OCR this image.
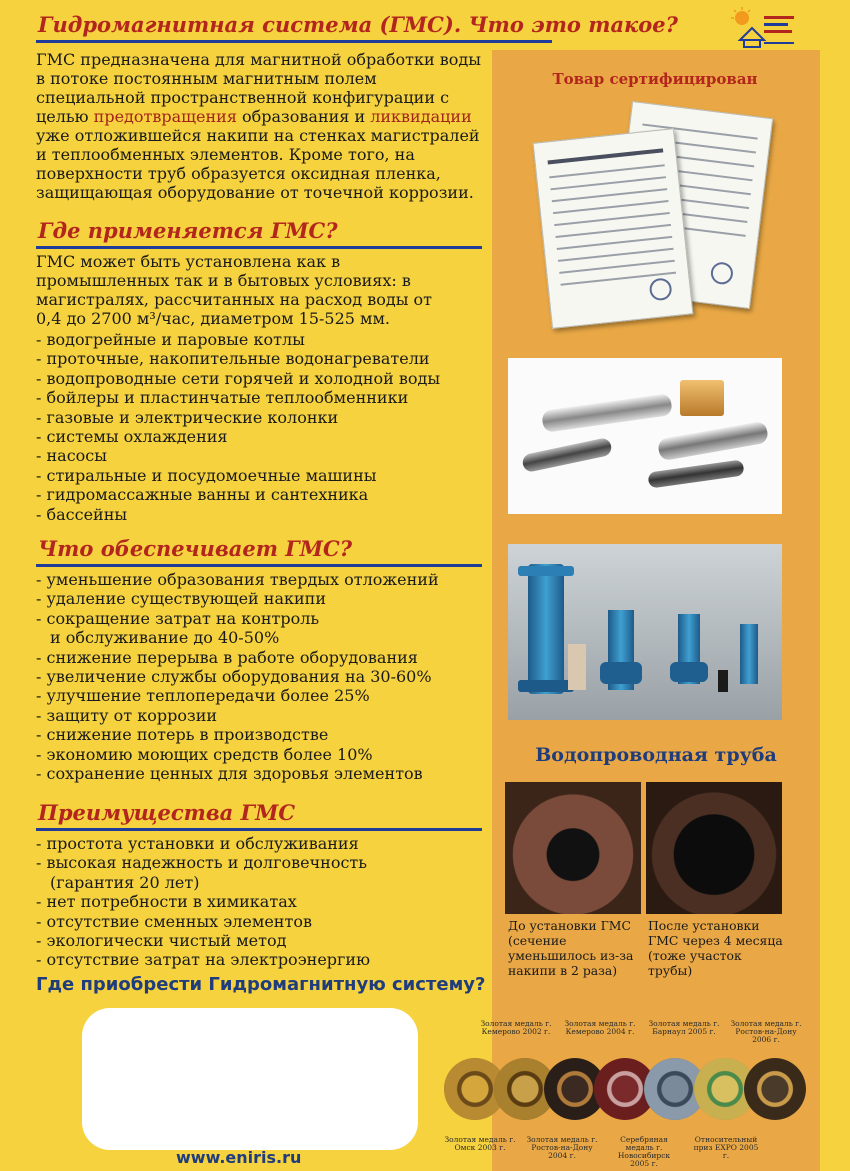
Гидромагнитная система (ГМС). Что это такое?

ГМС предназначена для магнитной обработки воды в потоке постоянным магнитным полем специальной пространственной конфигурации с целью предотвращения образования и ликвидации уже отложившейся накипи на стенках магистралей и теплообменных элементов. Кроме того, на поверхности труб образуется оксидная пленка, защищающая оборудование от точечной коррозии.

Где применяется ГМС?

ГМС может быть установлена как в промышленных так и в бытовых условиях: в магистралях, рассчитанных на расход воды от 0,4 до 2700 м³/час, диаметром 15-525 мм.

- водогрейные и паровые котлы
- проточные, накопительные водонагреватели
- водопроводные сети горячей и холодной воды
- бойлеры и пластинчатые теплообменники
- газовые и электрические колонки
- системы охлаждения
- насосы
- стиральные и посудомоечные машины
- гидромассажные ванны и сантехника
- бассейны
Что обеспечивает ГМС?
- уменьшение образования твердых отложений
- удаление существующей накипи
- сокращение затрат на контроль
и обслуживание до 40-50%
- снижение перерыва в работе оборудования
- увеличение службы оборудования на 30-60%
- улучшение теплопередачи более 25%
- защиту от коррозии
- снижение потерь в производстве
- экономию моющих средств более 10%
- сохранение ценных для здоровья элементов
Преимущества ГМС
- простота установки и обслуживания
- высокая надежность и долговечность
(гарантия 20 лет)
- нет потребности в химикатах
- отсутствие сменных элементов
- экологически чистый метод
- отсутствие затрат на электроэнергию
Товар сертифицирован
Водопроводная труба

До установки ГМС (сечение уменьшилось из-за накипи в 2 раза)

После установки ГМС через 4 месяца (тоже участок трубы)

Где приобрести Гидромагнитную систему?
www.eniris.ru
Золотая медаль г. Кемерово 2002 г.
Золотая медаль г. Кемерово 2004 г.
Золотая медаль г. Барнаул 2005 г.
Золотая медаль г. Ростов-на-Дону 2006 г.
Золотая медаль г. Омск 2003 г.
Золотая медаль г. Ростов-на-Дону 2004 г.
Серебряная медаль г. Новосибирск 2005 г.
Относительный приз EXPO 2005 г.
